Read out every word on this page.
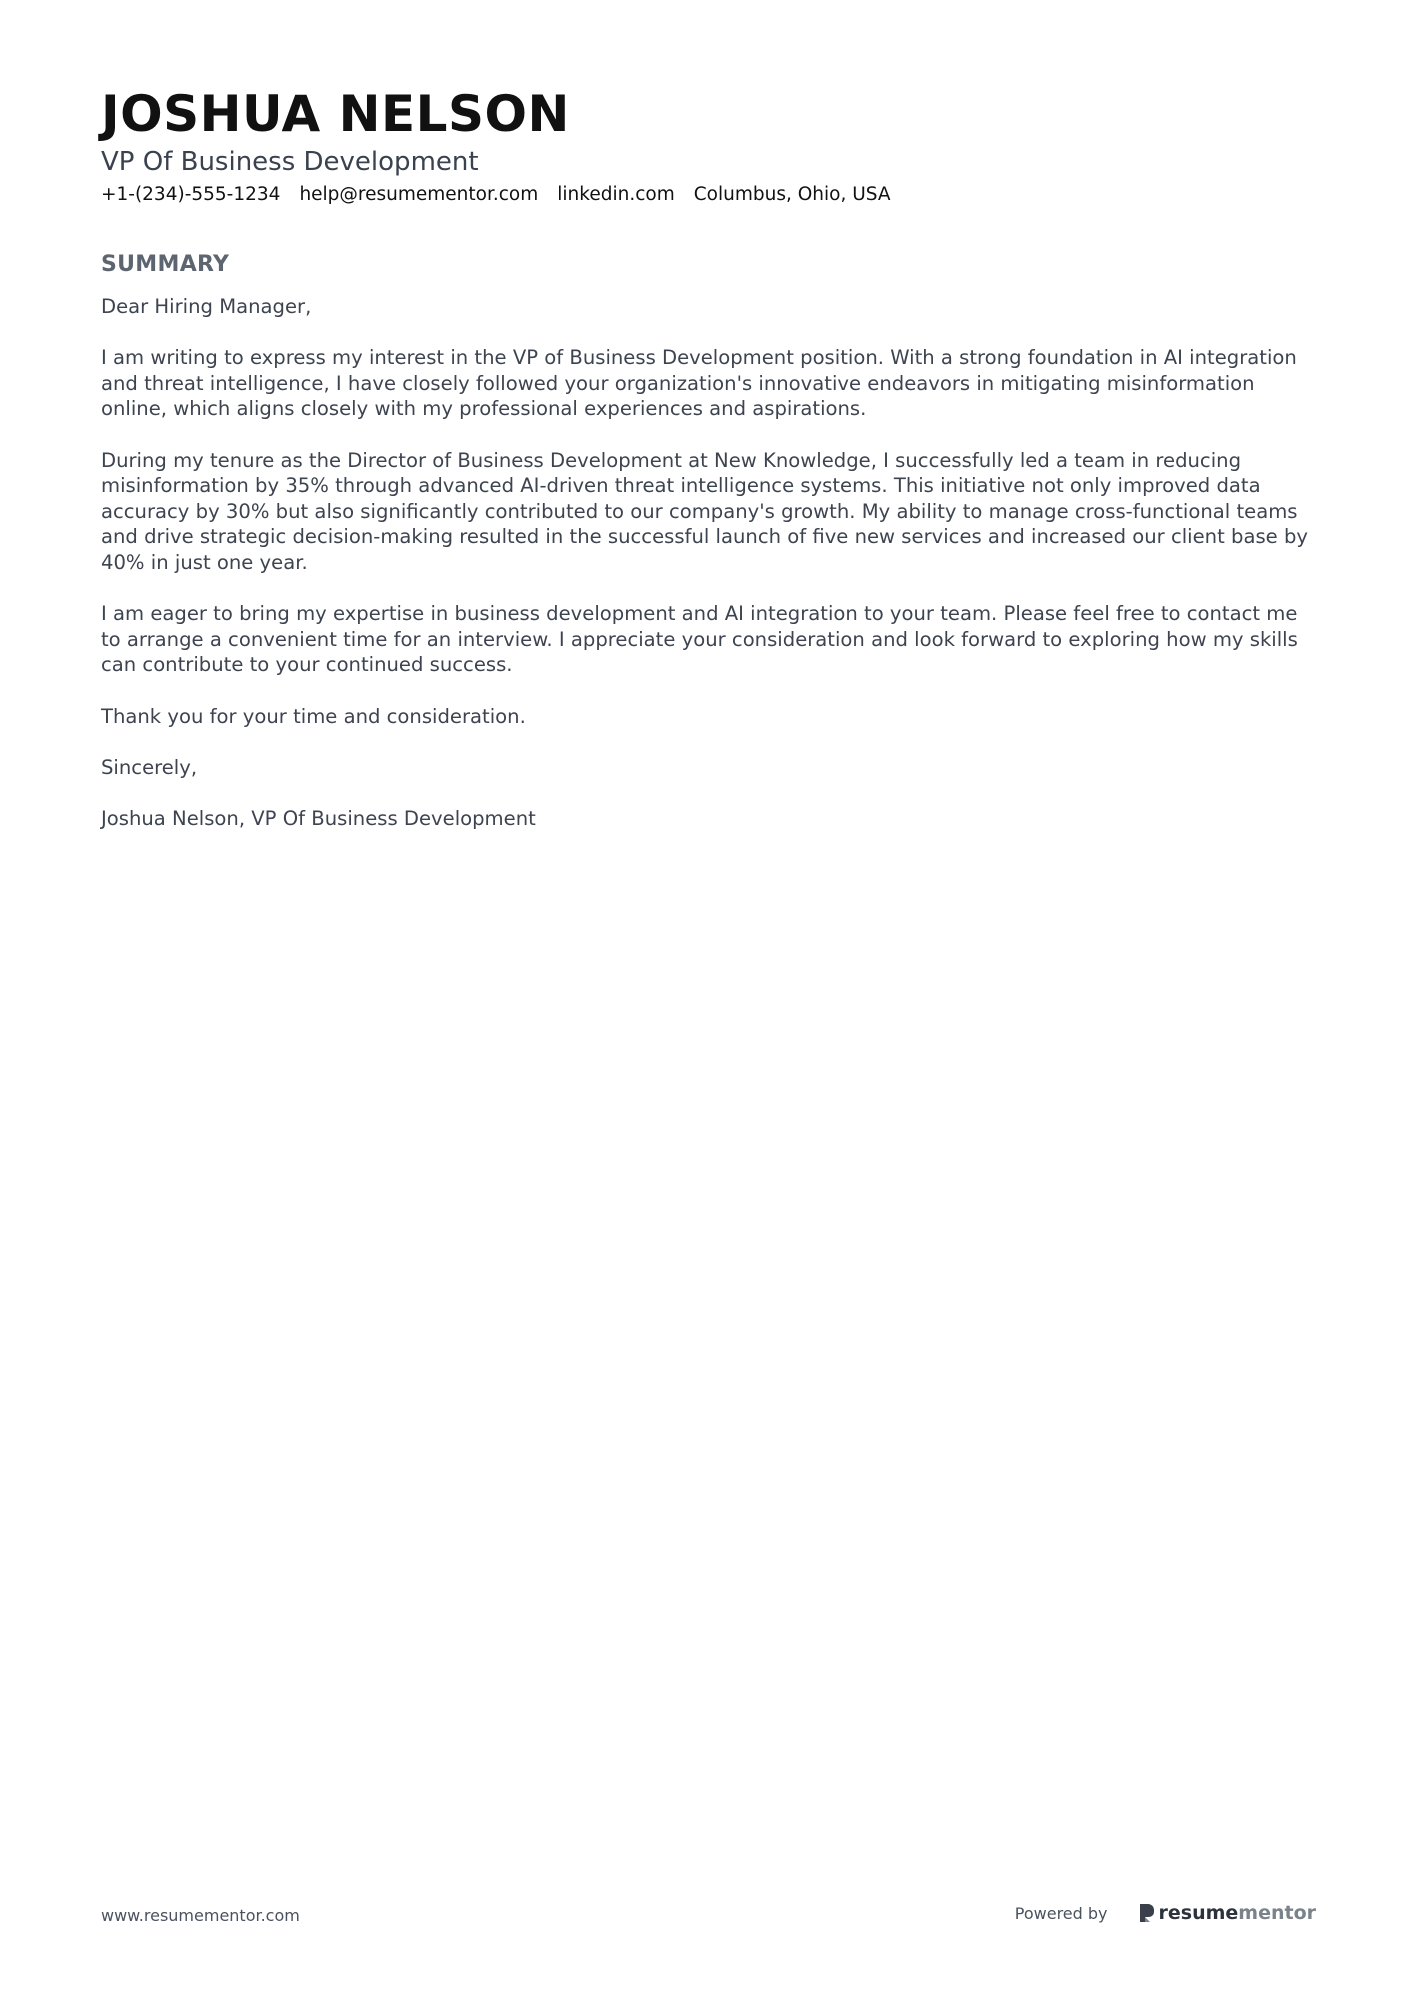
JOSHUA NELSON
VP Of Business Development
+1-(234)-555-1234 help@resumementor.com linkedin.com Columbus, Ohio, USA
SUMMARY

Dear Hiring Manager,

I am writing to express my interest in the VP of Business Development position. With a strong foundation in AI integration and threat intelligence, I have closely followed your organization's innovative endeavors in mitigating misinformation online, which aligns closely with my professional experiences and aspirations.

During my tenure as the Director of Business Development at New Knowledge, I successfully led a team in reducing misinformation by 35% through advanced AI-driven threat intelligence systems. This initiative not only improved data accuracy by 30% but also significantly contributed to our company's growth. My ability to manage cross-functional teams and drive strategic decision-making resulted in the successful launch of five new services and increased our client base by 40% in just one year.

I am eager to bring my expertise in business development and AI integration to your team. Please feel free to contact me to arrange a convenient time for an interview. I appreciate your consideration and look forward to exploring how my skills can contribute to your continued success.

Thank you for your time and consideration.

Sincerely,

Joshua Nelson, VP Of Business Development

www.resumementor.com	Powered by	resume mentor
